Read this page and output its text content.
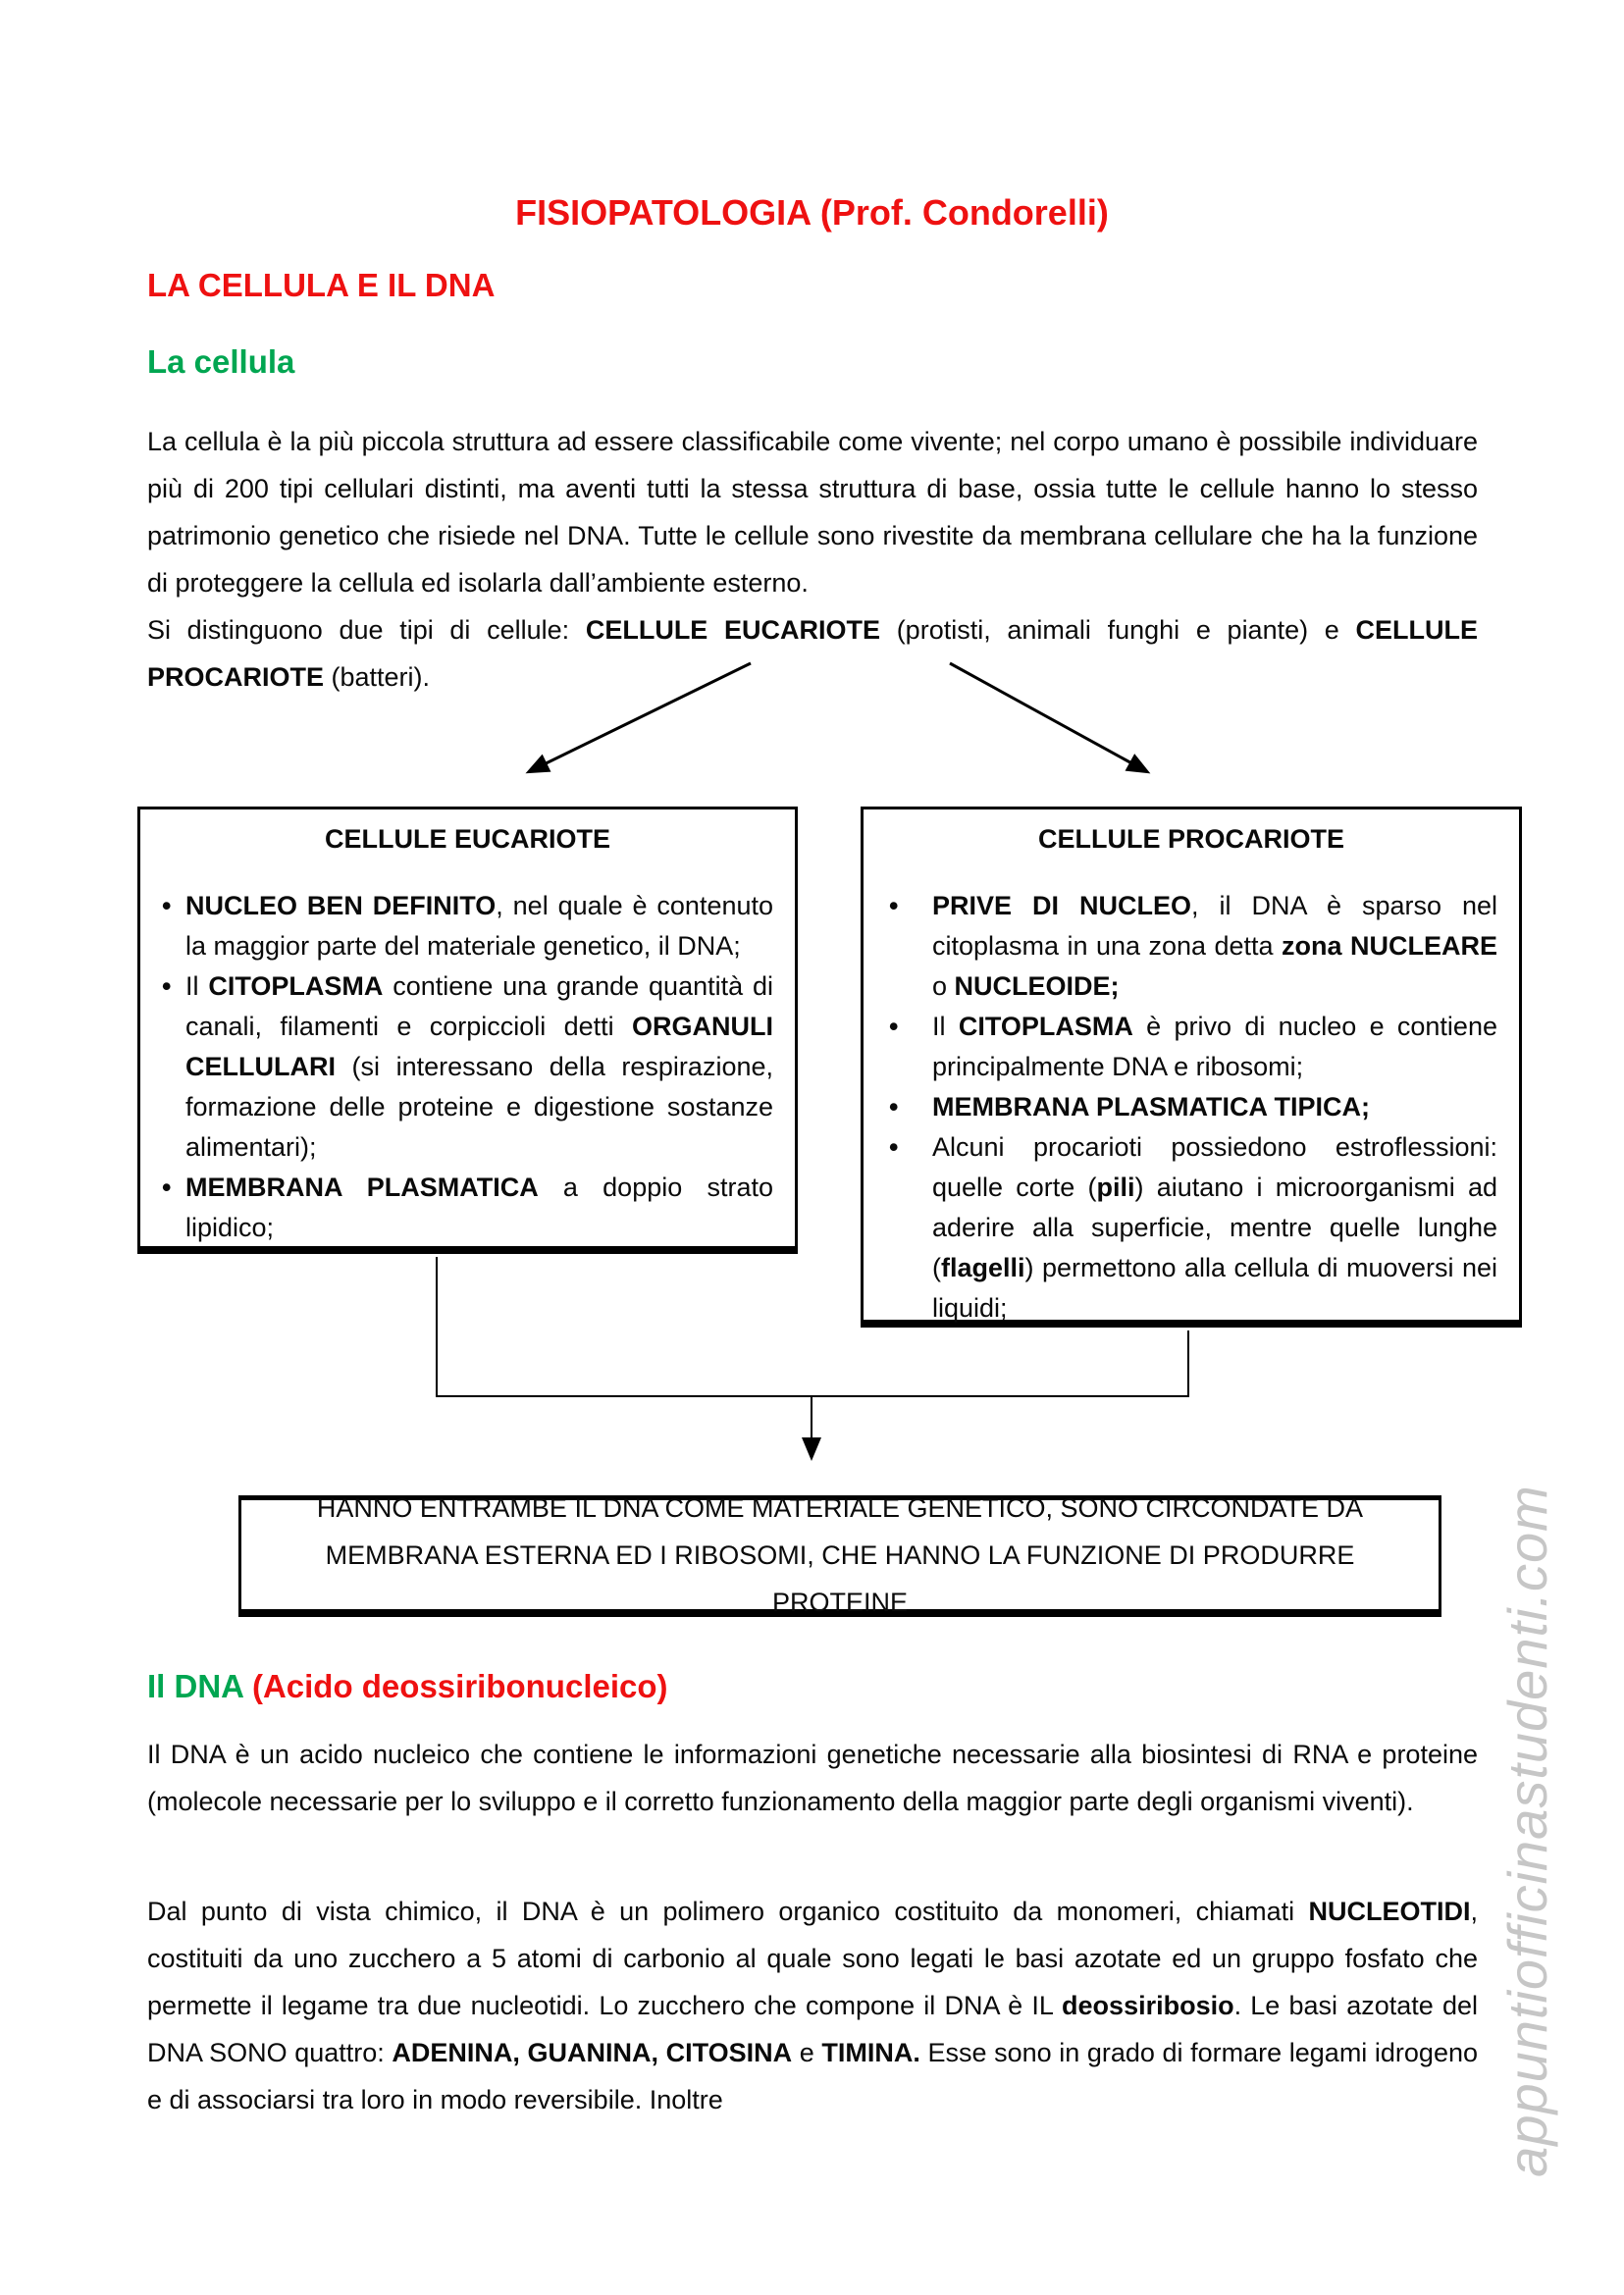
FISIOPATOLOGIA (Prof. Condorelli)
LA CELLULA E IL DNA
La cellula
La cellula è la più piccola struttura ad essere classificabile come vivente; nel corpo umano è possibile individuare più di 200 tipi cellulari distinti, ma aventi tutti la stessa struttura di base, ossia tutte le cellule hanno lo stesso patrimonio genetico che risiede nel DNA. Tutte le cellule sono rivestite da membrana cellulare che ha la funzione di proteggere la cellula ed isolarla dall’ambiente esterno.
Si distinguono due tipi di cellule: CELLULE EUCARIOTE (protisti, animali funghi e piante) e CELLULE PROCARIOTE (batteri).
CELLULE EUCARIOTE
• NUCLEO BEN DEFINITO, nel quale è contenuto la maggior parte del materiale genetico, il DNA;
• Il CITOPLASMA contiene una grande quantità di canali, filamenti e corpiccioli detti ORGANULI CELLULARI (si interessano della respirazione, formazione delle proteine e digestione sostanze alimentari);
• MEMBRANA PLASMATICA a doppio strato lipidico;
CELLULE PROCARIOTE
• PRIVE DI NUCLEO, il DNA è sparso nel citoplasma in una zona detta zona NUCLEARE o NUCLEOIDE;
• Il CITOPLASMA è privo di nucleo e contiene principalmente DNA e ribosomi;
• MEMBRANA PLASMATICA TIPICA;
• Alcuni procarioti possiedono estroflessioni: quelle corte (pili) aiutano i microorganismi ad aderire alla superficie, mentre quelle lunghe (flagelli) permettono alla cellula di muoversi nei liquidi;
HANNO ENTRAMBE IL DNA COME MATERIALE GENETICO, SONO CIRCONDATE DA MEMBRANA ESTERNA ED I RIBOSOMI, CHE HANNO LA FUNZIONE DI PRODURRE PROTEINE
Il DNA (Acido deossiribonucleico)
Il DNA è un acido nucleico che contiene le informazioni genetiche necessarie alla biosintesi di RNA e proteine (molecole necessarie per lo sviluppo e il corretto funzionamento della maggior parte degli organismi viventi).
Dal punto di vista chimico, il DNA è un polimero organico costituito da monomeri, chiamati NUCLEOTIDI, costituiti da uno zucchero a 5 atomi di carbonio al quale sono legati le basi azotate ed un gruppo fosfato che permette il legame tra due nucleotidi. Lo zucchero che compone il DNA è IL deossiribosio. Le basi azotate del DNA SONO quattro: ADENINA, GUANINA, CITOSINA e TIMINA. Esse sono in grado di formare legami idrogeno e di associarsi tra loro in modo reversibile. Inoltre	appuntiofficinastudenti.com
